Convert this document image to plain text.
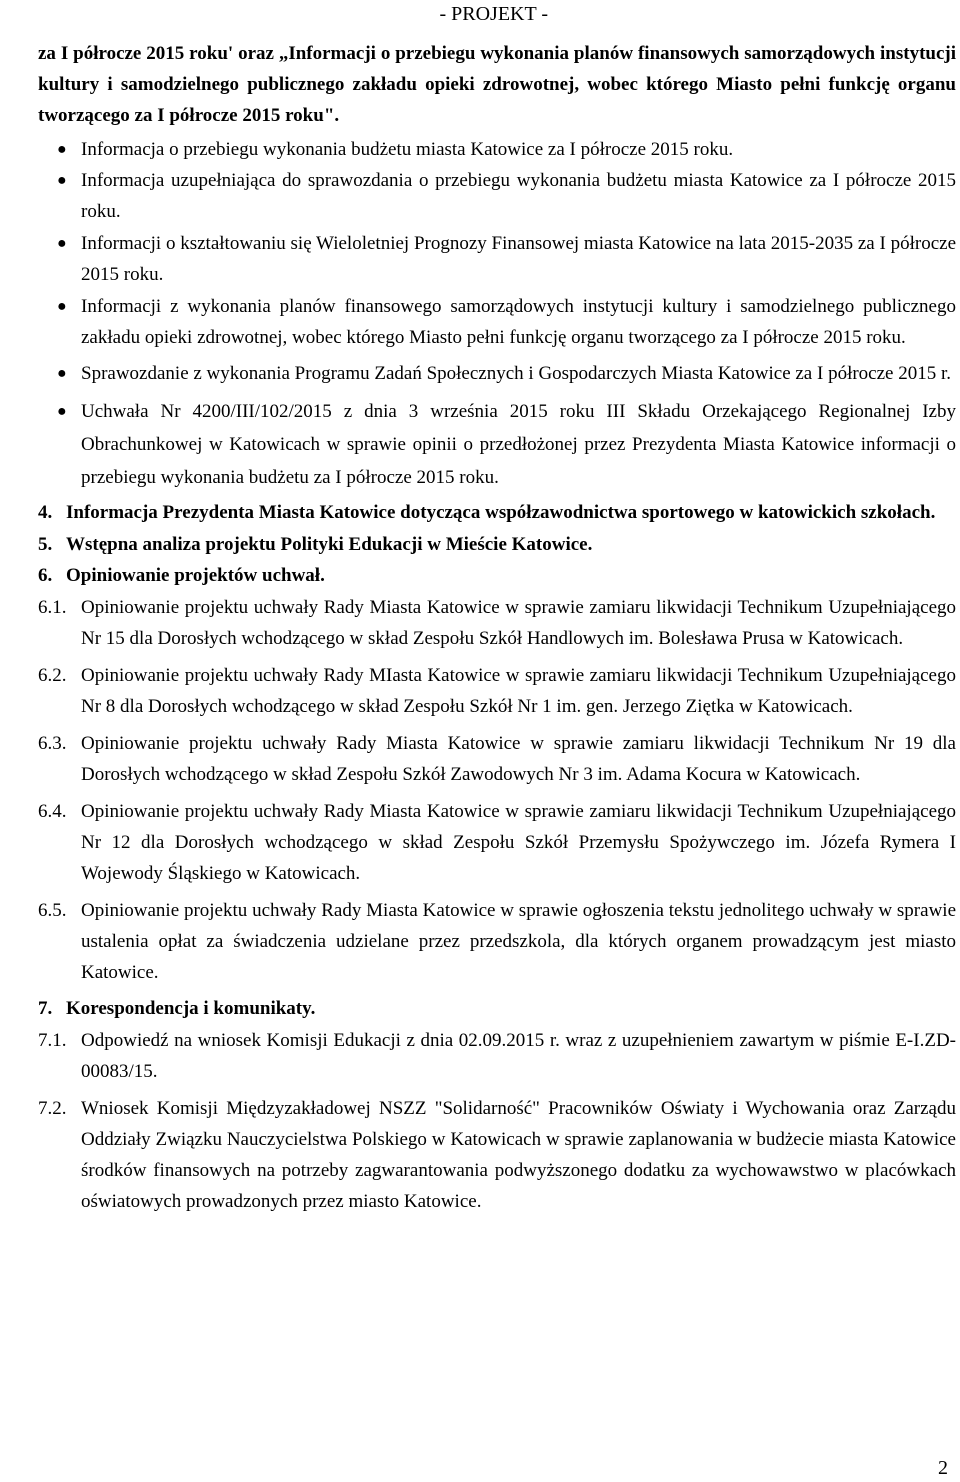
- PROJEKT -

za I półrocze 2015 roku' oraz „Informacji o przebiegu wykonania planów finansowych samorządowych instytucji kultury i samodzielnego publicznego zakładu opieki zdrowotnej, wobec którego Miasto pełni funkcję organu tworzącego za I półrocze 2015 roku".

● Informacja o przebiegu wykonania budżetu miasta Katowice za I półrocze 2015 roku.
● Informacja uzupełniająca do sprawozdania o przebiegu wykonania budżetu miasta Katowice za I półrocze 2015 roku.
● Informacji o kształtowaniu się Wieloletniej Prognozy Finansowej miasta Katowice na lata 2015-2035 za I półrocze 2015 roku.
● Informacji z wykonania planów finansowego samorządowych instytucji kultury i samodzielnego publicznego zakładu opieki zdrowotnej, wobec którego Miasto pełni funkcję organu tworzącego za I półrocze 2015 roku.
● Sprawozdanie z wykonania Programu Zadań Społecznych i Gospodarczych Miasta Katowice za I półrocze 2015 r.
● Uchwała Nr 4200/III/102/2015 z dnia 3 września 2015 roku III Składu Orzekającego Regionalnej Izby Obrachunkowej w Katowicach w sprawie opinii o przedłożonej przez Prezydenta Miasta Katowice informacji o przebiegu wykonania budżetu za I półrocze 2015 roku.
4. Informacja Prezydenta Miasta Katowice dotycząca współzawodnictwa sportowego w katowickich szkołach.
5. Wstępna analiza projektu Polityki Edukacji w Mieście Katowice.
6. Opiniowanie projektów uchwał.
6.1. Opiniowanie projektu uchwały Rady Miasta Katowice w sprawie zamiaru likwidacji Technikum Uzupełniającego Nr 15 dla Dorosłych wchodzącego w skład Zespołu Szkół Handlowych im. Bolesława Prusa w Katowicach.
6.2. Opiniowanie projektu uchwały Rady MIasta Katowice w sprawie zamiaru likwidacji Technikum Uzupełniającego Nr 8 dla Dorosłych wchodzącego w skład Zespołu Szkół Nr 1 im. gen. Jerzego Ziętka w Katowicach.
6.3. Opiniowanie projektu uchwały Rady Miasta Katowice w sprawie zamiaru likwidacji Technikum Nr 19 dla Dorosłych wchodzącego w skład Zespołu Szkół Zawodowych Nr 3 im. Adama Kocura w Katowicach.
6.4. Opiniowanie projektu uchwały Rady Miasta Katowice w sprawie zamiaru likwidacji Technikum Uzupełniającego Nr 12 dla Dorosłych wchodzącego w skład Zespołu Szkół Przemysłu Spożywczego im. Józefa Rymera I Wojewody Śląskiego w Katowicach.
6.5. Opiniowanie projektu uchwały Rady Miasta Katowice w sprawie ogłoszenia tekstu jednolitego uchwały w sprawie ustalenia opłat za świadczenia udzielane przez przedszkola, dla których organem prowadzącym jest miasto Katowice.
7. Korespondencja i komunikaty.
7.1. Odpowiedź na wniosek Komisji Edukacji z dnia 02.09.2015 r. wraz z uzupełnieniem zawartym w piśmie E-I.ZD-00083/15.
7.2. Wniosek Komisji Międzyzakładowej NSZZ "Solidarność" Pracowników Oświaty i Wychowania oraz Zarządu Oddziały Związku Nauczycielstwa Polskiego w Katowicach w sprawie zaplanowania w budżecie miasta Katowice środków finansowych na potrzeby zagwarantowania podwyższonego dodatku za wychowawstwo w placówkach oświatowych prowadzonych przez miasto Katowice.
2
